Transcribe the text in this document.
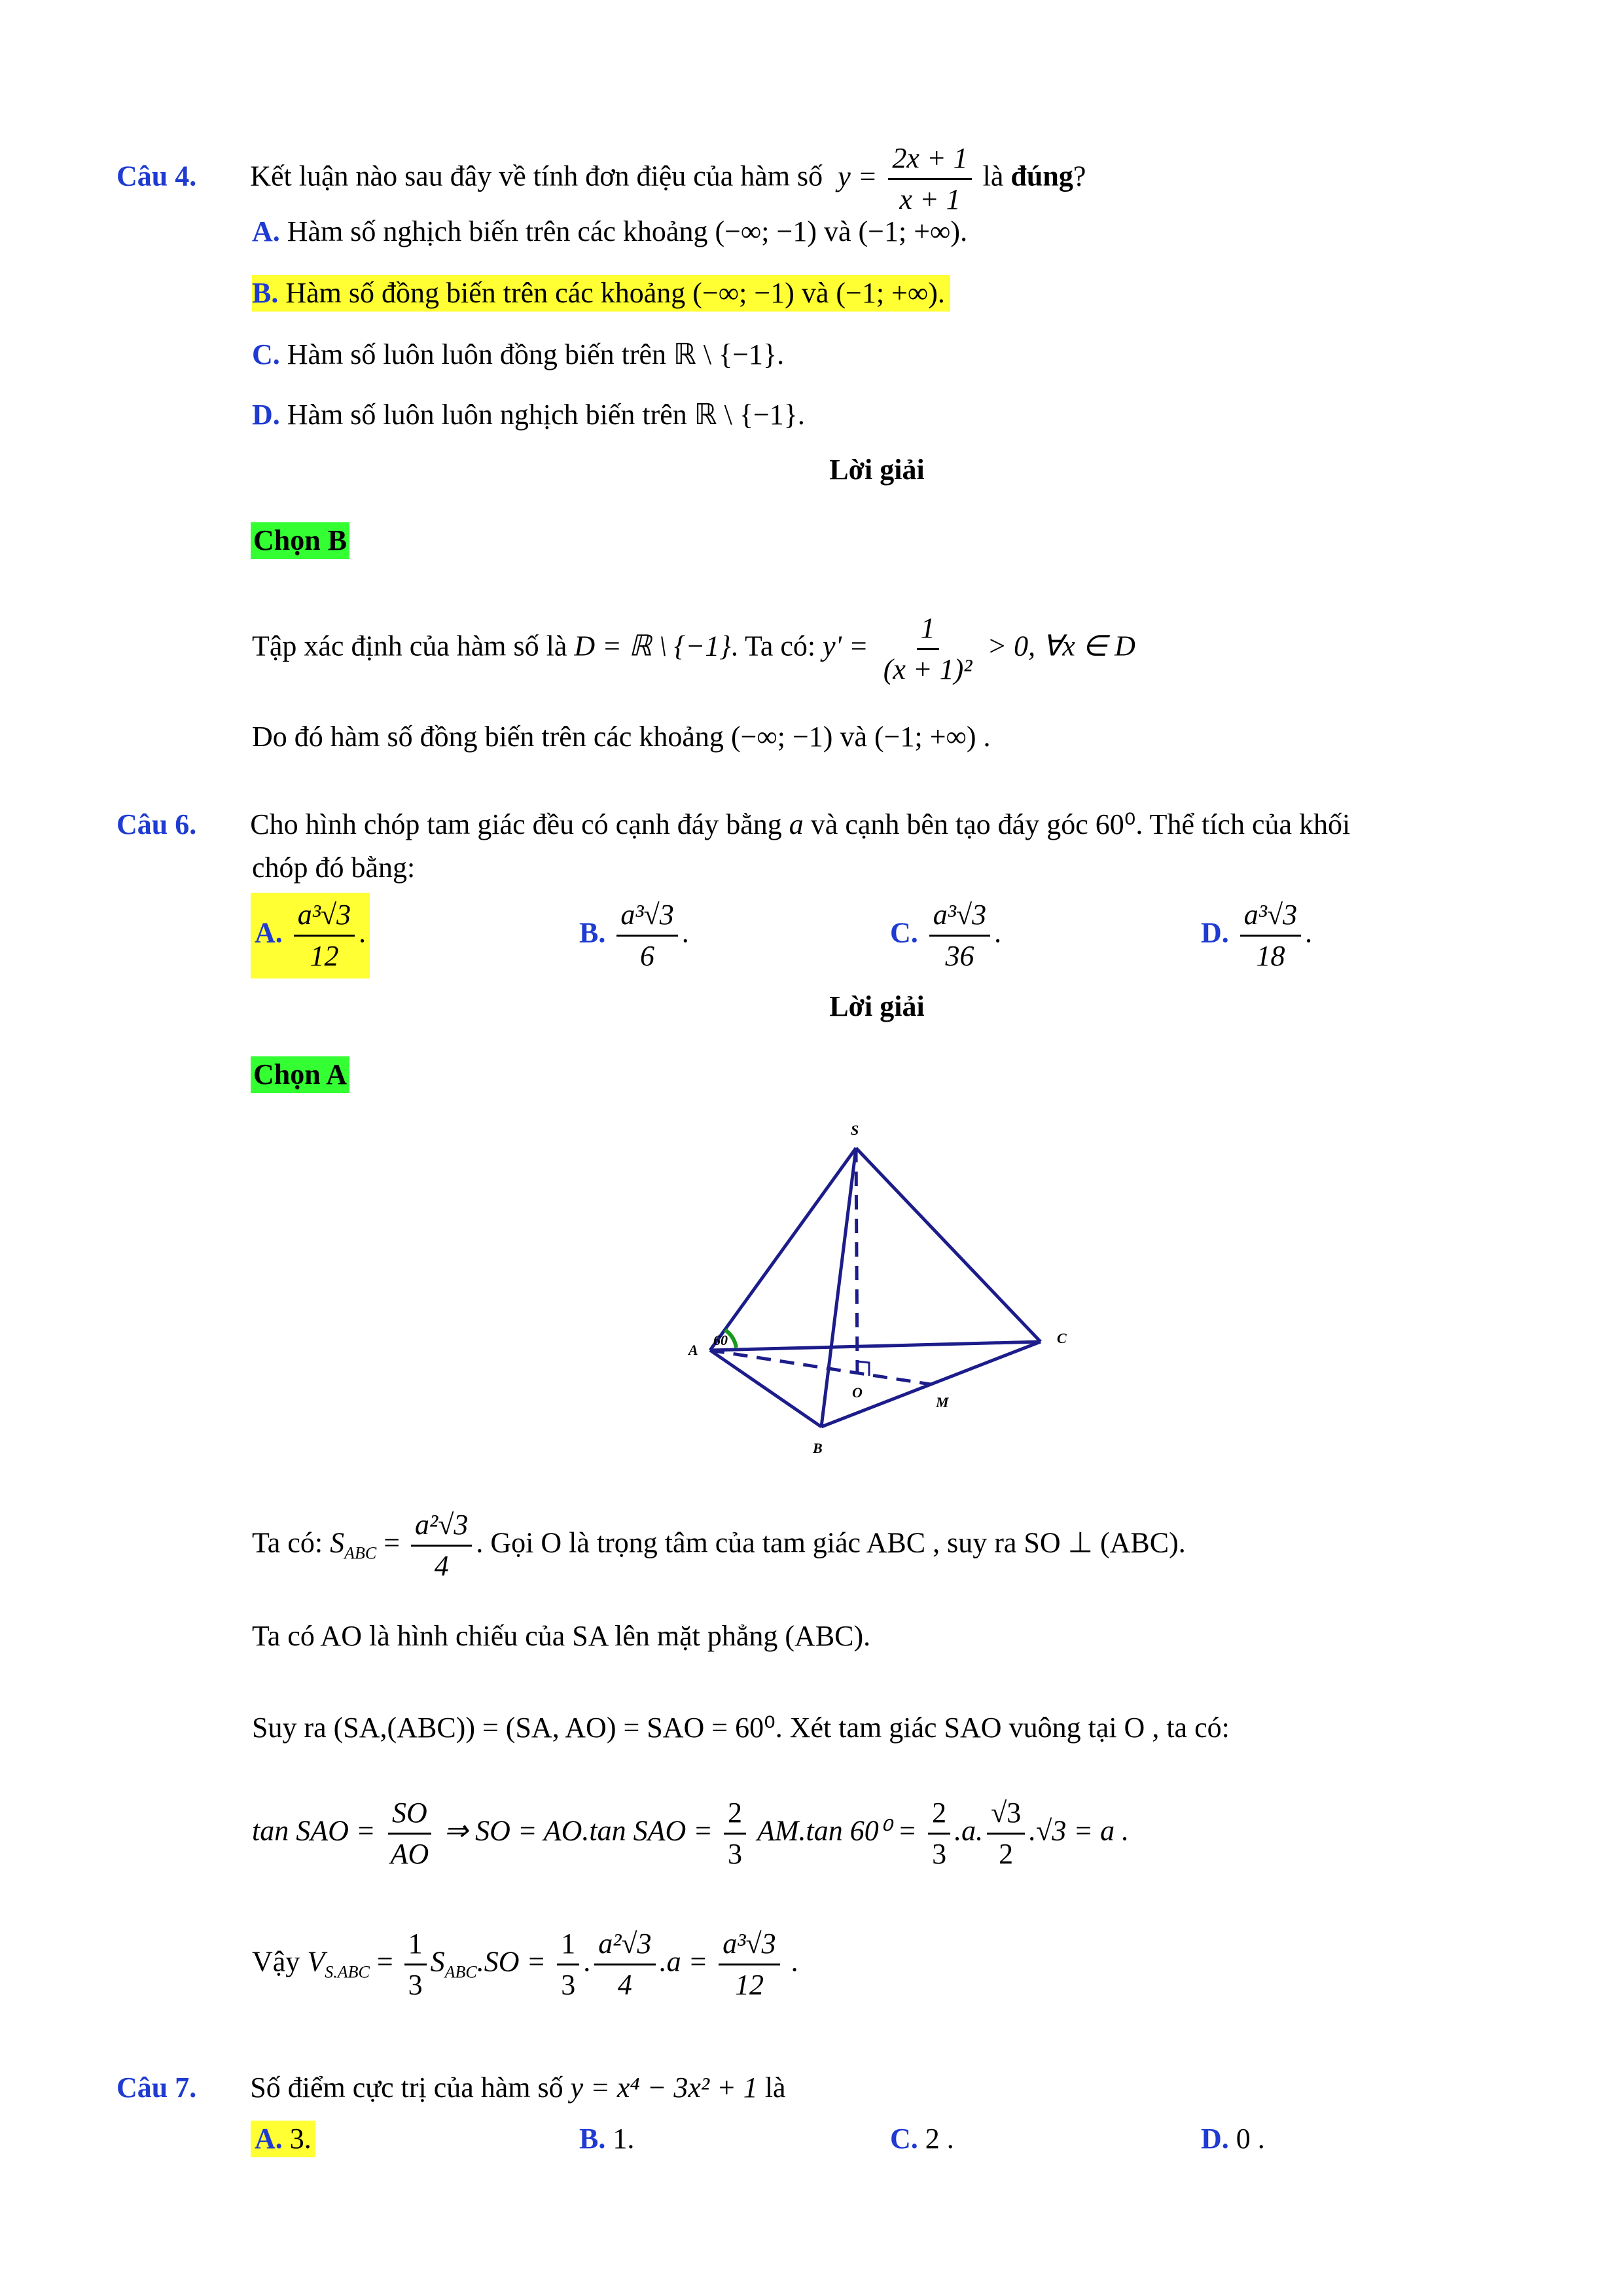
Câu 4. Kết luận nào sau đây về tính đơn điệu của hàm số $y = \frac{2x + 1}{x + 1}$ là đúng?
A. Hàm số nghịch biến trên các khoảng (−∞; −1) và (−1; +∞).
B. Hàm số đồng biến trên các khoảng (−∞; −1) và (−1; +∞).
C. Hàm số luôn luôn đồng biến trên ℝ \ {−1}.
D. Hàm số luôn luôn nghịch biến trên ℝ \ {−1}.
Lời giải
Chọn B
Tập xác định của hàm số là D = ℝ \ {−1}. Ta có: $y' = \frac{1}{\text{(x + 1)²}} > 0$, ∀x ∈ D
Do đó hàm số đồng biến trên các khoảng (−∞; −1) và (−1; +∞) .
Câu 6. Cho hình chóp tam giác đều có cạnh đáy bằng a và cạnh bên tạo đáy góc 60⁰. Thể tích của khối
chóp đó bằng:
A. $\frac{\text{a³√3}}{12}$ .	B. $\frac{\text{a³√3}}{6}$ .	C. $\frac{\text{a³√3}}{36}$ .	D. $\frac{\text{a³√3}}{18}$ .
Lời giải
Chọn A
60
S
A
C
B
O
M
Ta có: $S_{ABC} = \frac{\text{a²√3}}{4}$ . Gọi O là trọng tâm của tam giác ABC , suy ra SO ⊥ (ABC).
Ta có AO là hình chiếu của SA lên mặt phẳng (ABC).
Suy ra (SA,(ABC)) = (SA, AO) = SAO = 60⁰. Xét tam giác SAO vuông tại O , ta có:
tan SAO = $\frac{SO}{AO}$ ⇒ SO = AO.tan SAO = $\frac{2}{3} AM.\tan$ $60^0 = \frac{2}{3} .a$. $\frac{√3}{2} .√3 = a$ .
Vậy $V_{S.ABC} = \frac{1}{3} S_{ABC}.SO = \frac{1}{3}$ . $\frac{\text{a²√3}}{4} .a = \frac{\text{a³√3}}{12}$ .
Câu 7. Số điểm cực trị của hàm số y = x⁴ − 3x² + 1 là
A. 3.	B. 1.	C. 2 .	D. 0 .
